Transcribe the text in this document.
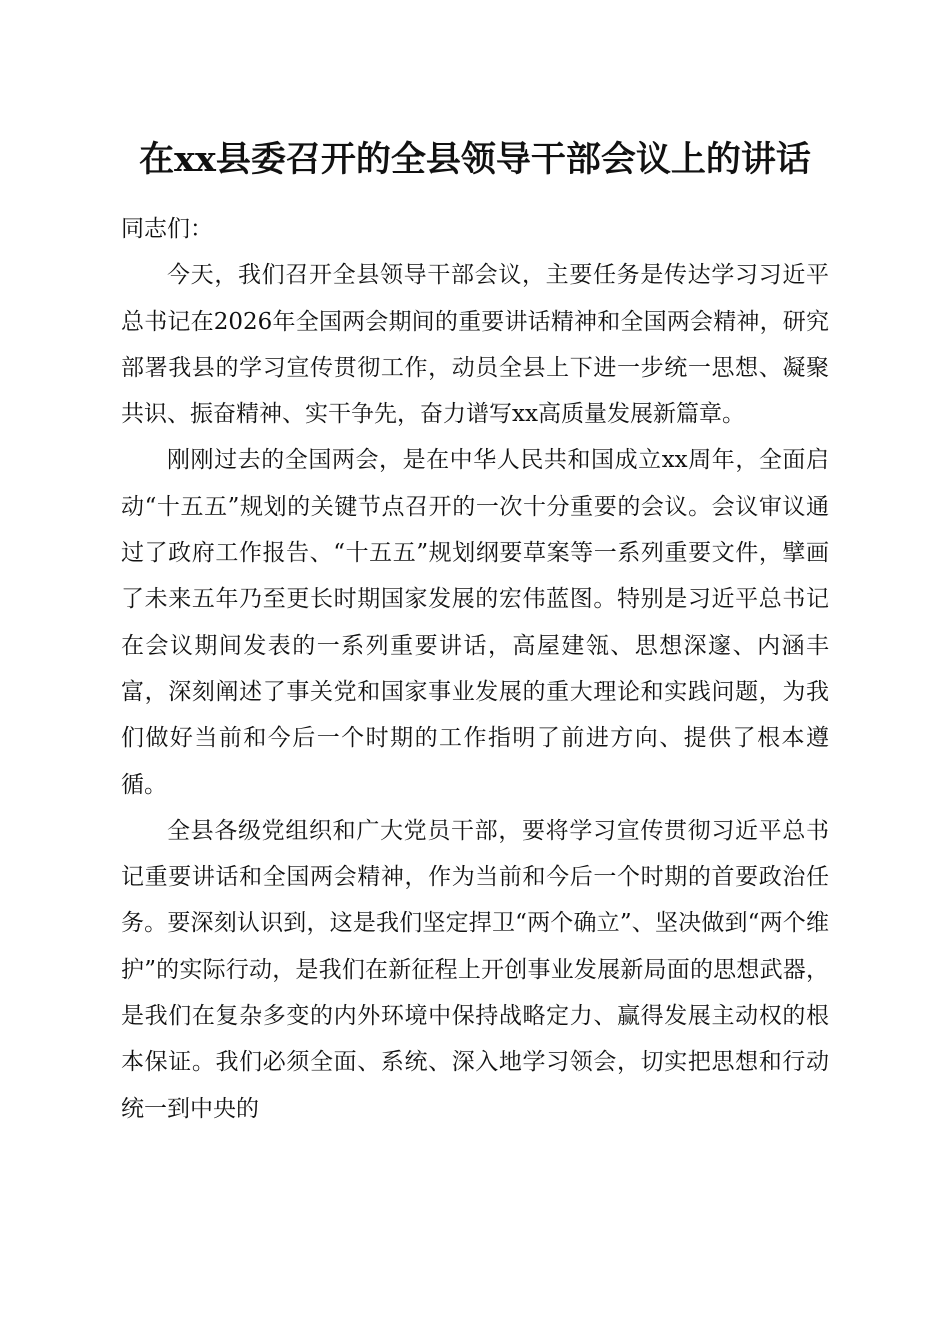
在xx县委召开的全县领导干部会议上的讲话

同志们：

今天，我们召开全县领导干部会议，主要任务是传达学习习近平总书记在2026年全国两会期间的重要讲话精神和全国两会精神，研究部署我县的学习宣传贯彻工作，动员全县上下进一步统一思想、凝聚共识、振奋精神、实干争先，奋力谱写xx高质量发展新篇章。

刚刚过去的全国两会，是在中华人民共和国成立xx周年，全面启动“十五五”规划的关键节点召开的一次十分重要的会议。会议审议通过了政府工作报告、“十五五”规划纲要草案等一系列重要文件，擘画了未来五年乃至更长时期国家发展的宏伟蓝图。特别是习近平总书记在会议期间发表的一系列重要讲话，高屋建瓴、思想深邃、内涵丰富，深刻阐述了事关党和国家事业发展的重大理论和实践问题，为我们做好当前和今后一个时期的工作指明了前进方向、提供了根本遵循。

全县各级党组织和广大党员干部，要将学习宣传贯彻习近平总书记重要讲话和全国两会精神，作为当前和今后一个时期的首要政治任务。要深刻认识到，这是我们坚定捍卫“两个确立”、坚决做到“两个维护”的实际行动，是我们在新征程上开创事业发展新局面的思想武器，是我们在复杂多变的内外环境中保持战略定力、赢得发展主动权的根本保证。我们必须全面、系统、深入地学习领会，切实把思想和行动统一到中央的
